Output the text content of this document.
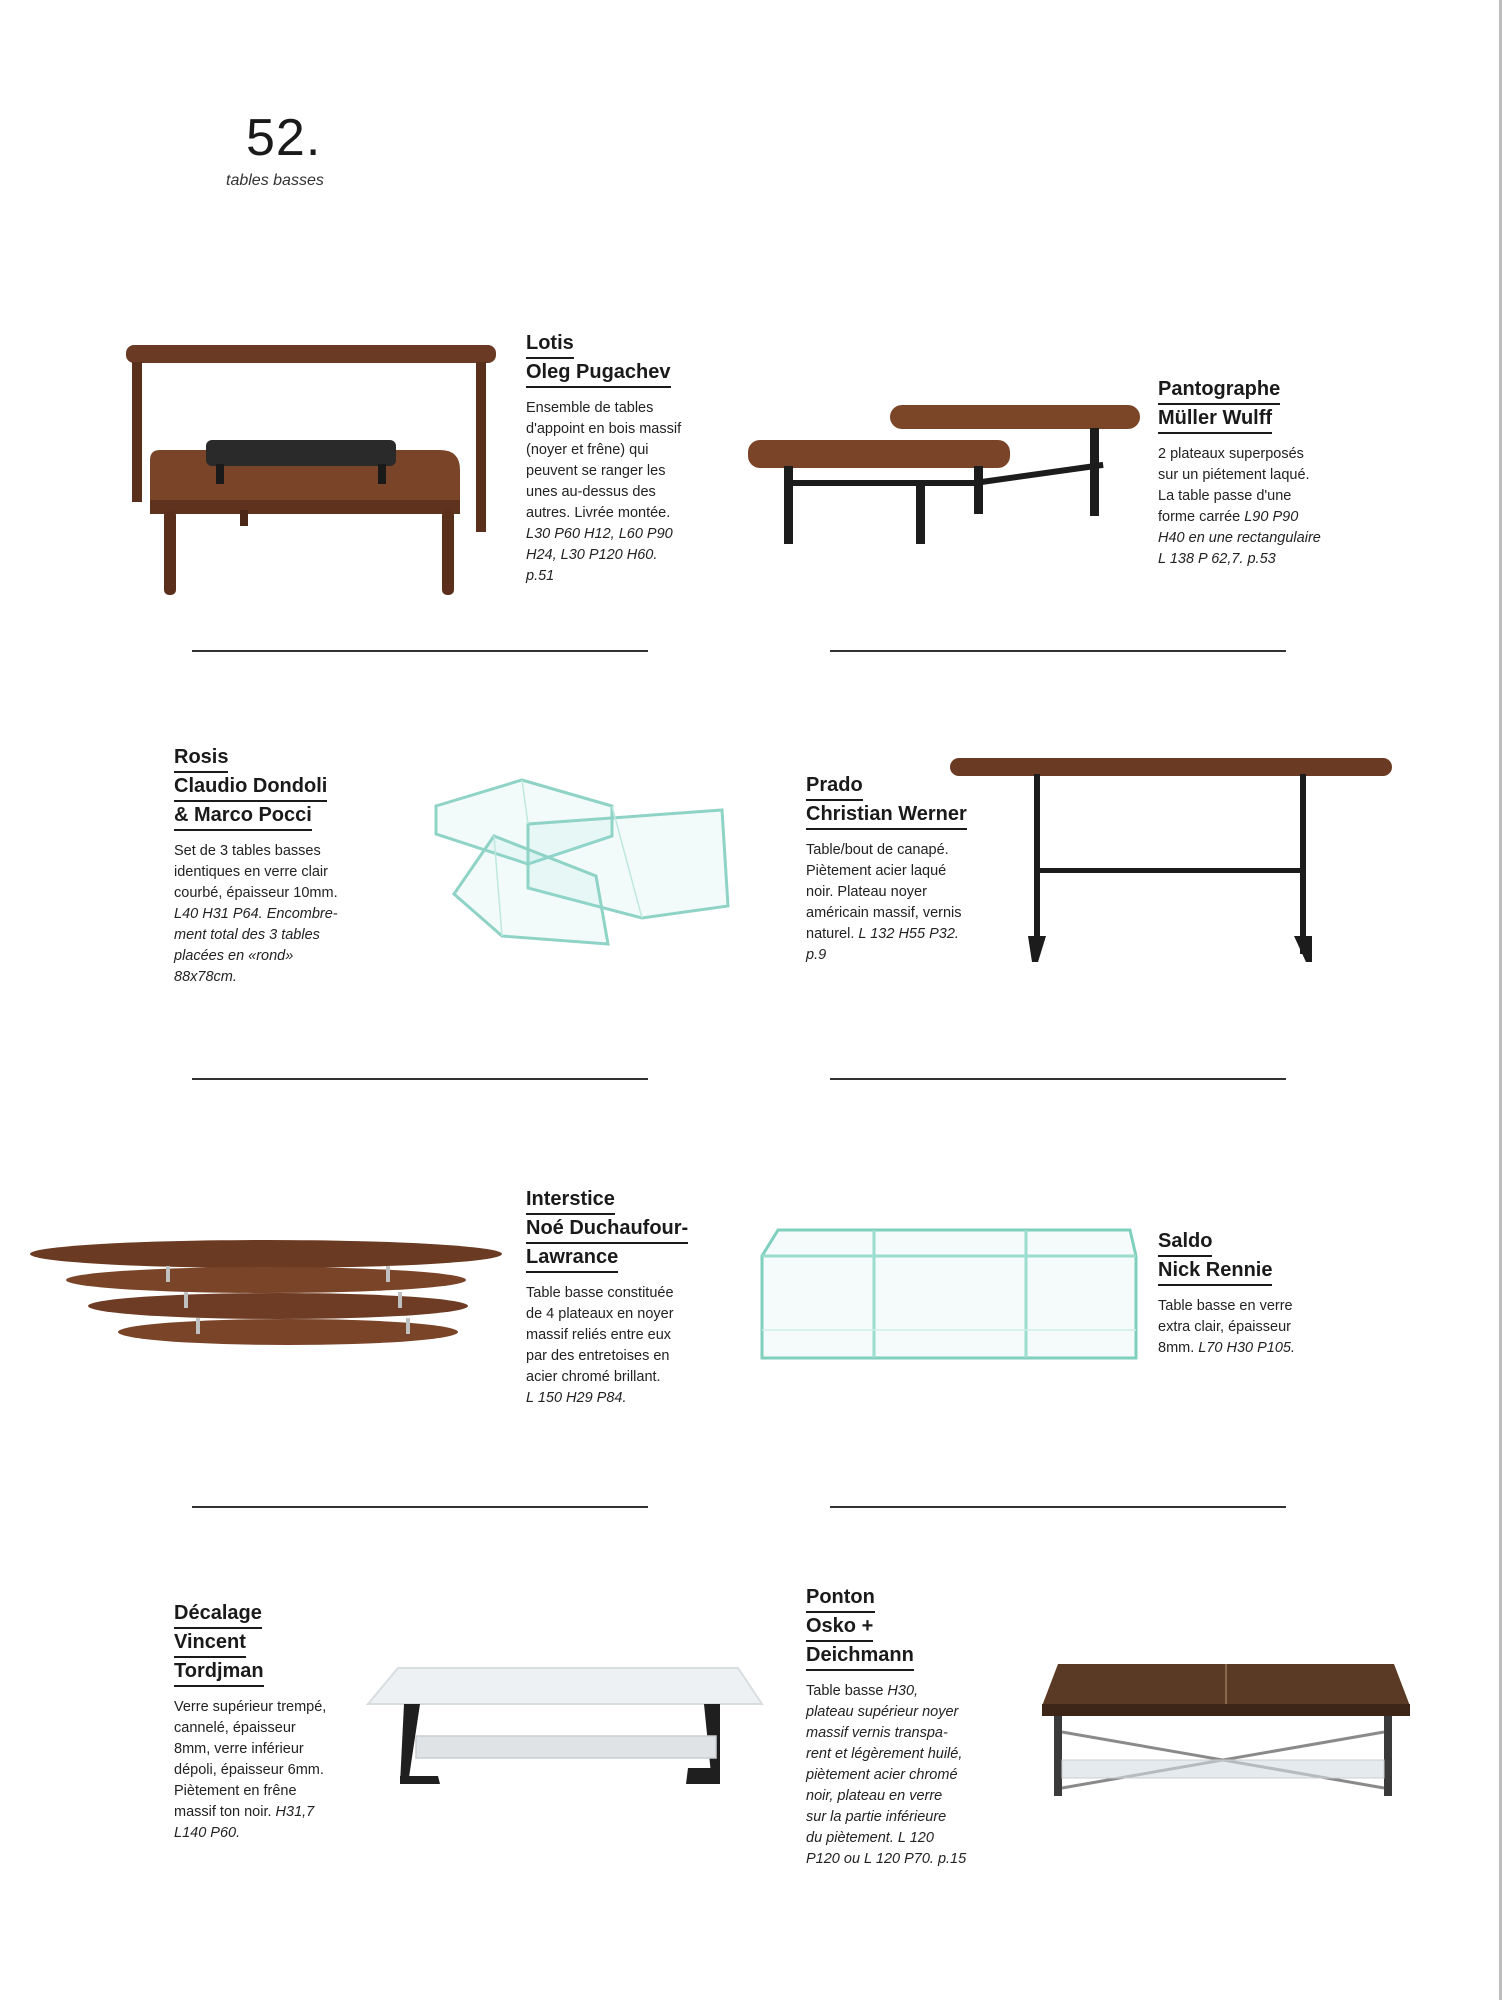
52.
tables basses
Lotis
Oleg Pugachev
Ensemble de tables
d'appoint en bois massif
(noyer et frêne) qui
peuvent se ranger les
unes au-dessus des
autres. Livrée montée.
L30 P60 H12, L60 P90
H24, L30 P120 H60.
p.51
Pantographe
Müller Wulff
2 plateaux superposés
sur un piétement laqué.
La table passe d'une
forme carrée L90 P90
H40 en une rectangulaire
L 138 P 62,7. p.53
Rosis
Claudio Dondoli
& Marco Pocci
Set de 3 tables basses
identiques en verre clair
courbé, épaisseur 10mm.
L40 H31 P64. Encombre-
ment total des 3 tables
placées en «rond»
88x78cm.
Prado
Christian Werner
Table/bout de canapé.
Piètement acier laqué
noir. Plateau noyer
américain massif, vernis
naturel. L 132 H55 P32.
p.9
Interstice
Noé Duchaufour-
Lawrance
Table basse constituée
de 4 plateaux en noyer
massif reliés entre eux
par des entretoises en
acier chromé brillant.
L 150 H29 P84.
Saldo
Nick Rennie
Table basse en verre
extra clair, épaisseur
8mm. L70 H30 P105.
Décalage
Vincent
Tordjman
Verre supérieur trempé,
cannelé, épaisseur
8mm, verre inférieur
dépoli, épaisseur 6mm.
Piètement en frêne
massif ton noir. H31,7
L140 P60.
Ponton
Osko +
Deichmann
Table basse H30,
plateau supérieur noyer
massif vernis transpa-
rent et légèrement huilé,
piètement acier chromé
noir, plateau en verre
sur la partie inférieure
du piètement. L 120
P120 ou L 120 P70. p.15
